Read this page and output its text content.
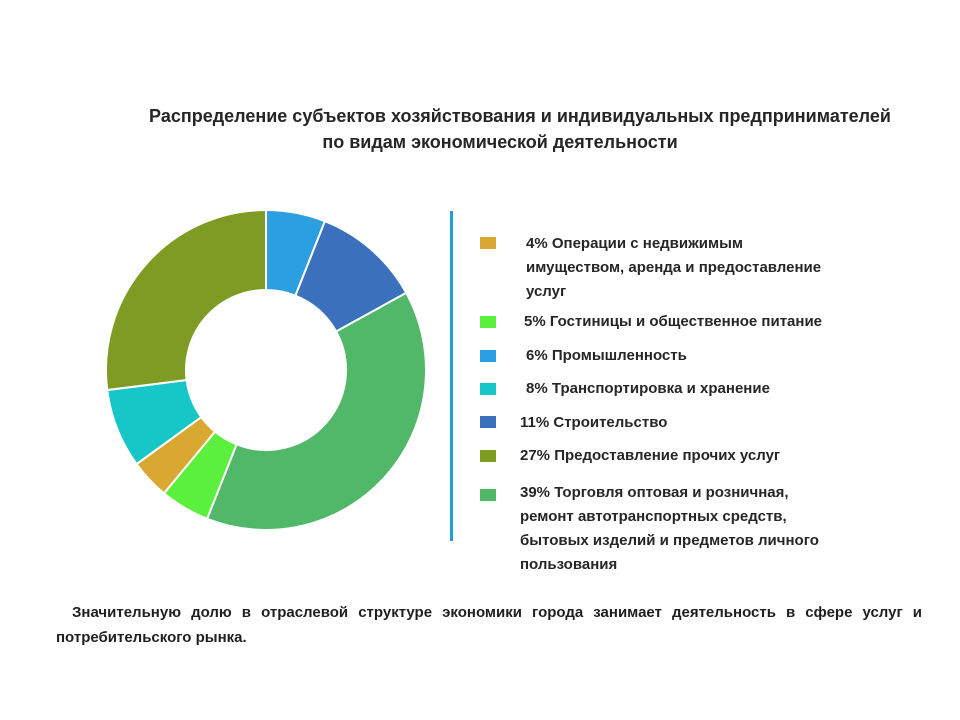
Распределение субъектов хозяйствования и индивидуальных предпринимателей
по видам экономической деятельности
4% Операции с недвижимым
имуществом, аренда и предоставление
услуг
5% Гостиницы и общественное питание
6% Промышленность
8% Транспортировка и хранение
11% Строительство
27% Предоставление прочих услуг
39% Торговля оптовая и розничная,
ремонт автотранспортных средств,
бытовых изделий и предметов личного
пользования
Значительную долю в отраслевой структуре экономики города занимает деятельность в сфере услуг и потребительского рынка.
